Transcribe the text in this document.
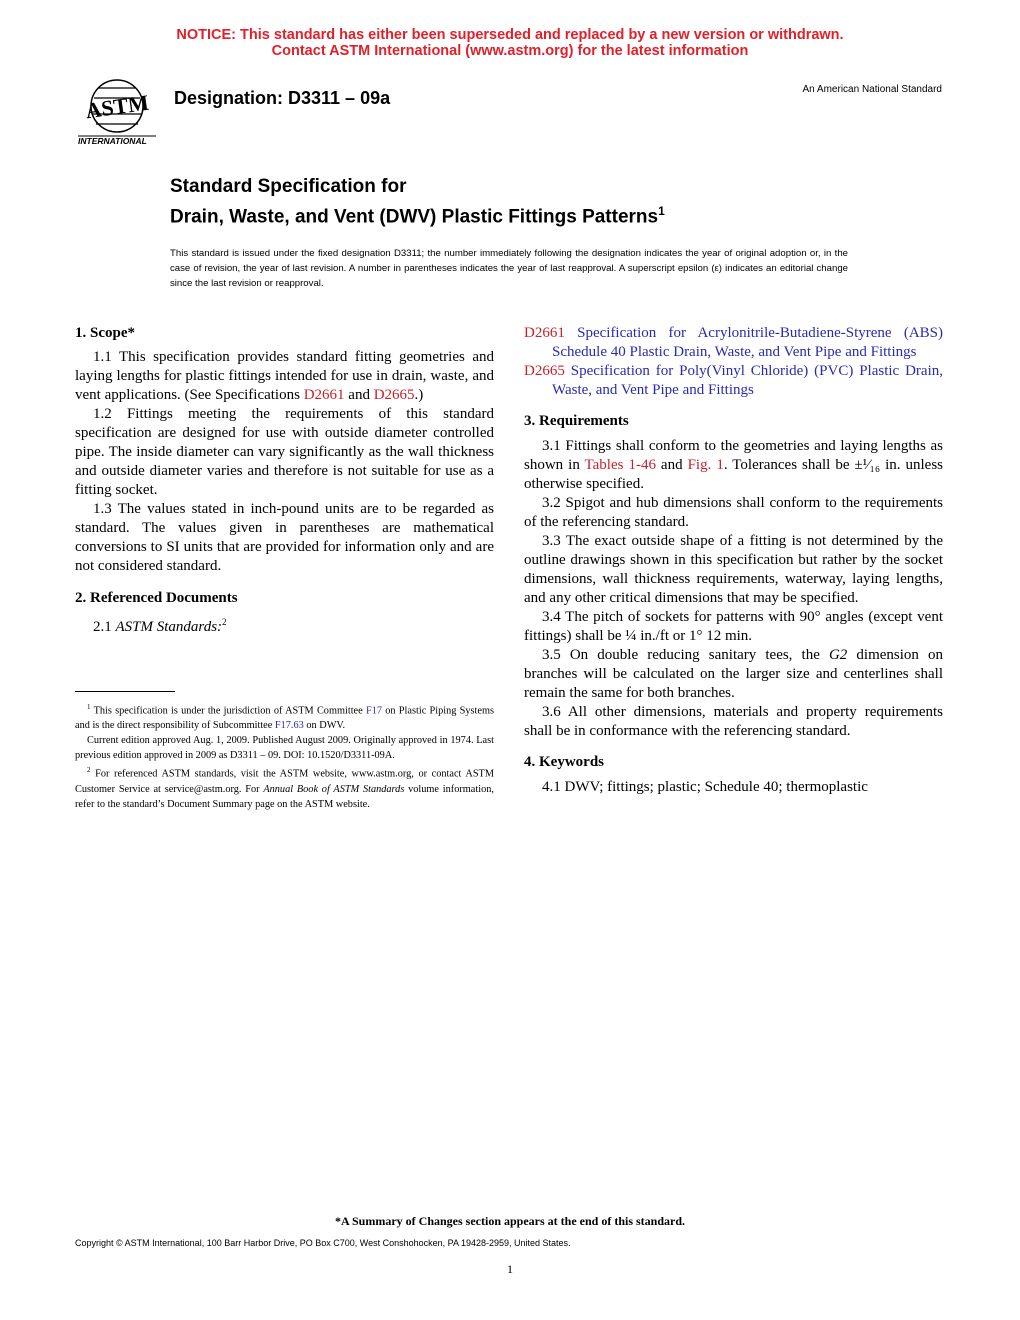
NOTICE: This standard has either been superseded and replaced by a new version or withdrawn.
Contact ASTM International (www.astm.org) for the latest information
ASTM
INTERNATIONAL
Designation: D3311 – 09a	An American National Standard
Standard Specification for
Drain, Waste, and Vent (DWV) Plastic Fittings Patterns$^1$
This standard is issued under the fixed designation D3311; the number immediately following the designation indicates the year of original adoption or, in the case of revision, the year of last revision. A number in parentheses indicates the year of last reapproval. A superscript epsilon (ε) indicates an editorial change since the last revision or reapproval.
1. Scope*

1.1 This specification provides standard fitting geometries and laying lengths for plastic fittings intended for use in drain, waste, and vent applications. (See Specifications D2661 and D2665.)

1.2 Fittings meeting the requirements of this standard specification are designed for use with outside diameter controlled pipe. The inside diameter can vary significantly as the wall thickness and outside diameter varies and therefore is not suitable for use as a fitting socket.

1.3 The values stated in inch-pound units are to be regarded as standard. The values given in parentheses are mathematical conversions to SI units that are provided for information only and are not considered standard.

2. Referenced Documents

2.1 ASTM Standards:$^2$

$^1$ This specification is under the jurisdiction of ASTM Committee F17 on Plastic Piping Systems and is the direct responsibility of Subcommittee F17.63 on DWV.

Current edition approved Aug. 1, 2009. Published August 2009. Originally approved in 1974. Last previous edition approved in 2009 as D3311 – 09. DOI: 10.1520/D3311-09A.

$^2$ For referenced ASTM standards, visit the ASTM website, www.astm.org, or contact ASTM Customer Service at service@astm.org. For Annual Book of ASTM Standards volume information, refer to the standard’s Document Summary page on the ASTM website.

D2661 Specification for Acrylonitrile-Butadiene-Styrene (ABS) Schedule 40 Plastic Drain, Waste, and Vent Pipe and Fittings

D2665 Specification for Poly(Vinyl Chloride) (PVC) Plastic Drain, Waste, and Vent Pipe and Fittings

3. Requirements

3.1 Fittings shall conform to the geometries and laying lengths as shown in Tables 1-46 and Fig. 1. Tolerances shall be ±¹⁄₁₆ in. unless otherwise specified.

3.2 Spigot and hub dimensions shall conform to the requirements of the referencing standard.

3.3 The exact outside shape of a fitting is not determined by the outline drawings shown in this specification but rather by the socket dimensions, wall thickness requirements, waterway, laying lengths, and any other critical dimensions that may be specified.

3.4 The pitch of sockets for patterns with 90° angles (except vent fittings) shall be ¼ in./ft or 1° 12 min.

3.5 On double reducing sanitary tees, the G2 dimension on branches will be calculated on the larger size and centerlines shall remain the same for both branches.

3.6 All other dimensions, materials and property requirements shall be in conformance with the referencing standard.

4. Keywords

4.1 DWV; fittings; plastic; Schedule 40; thermoplastic

*A Summary of Changes section appears at the end of this standard.
Copyright © ASTM International, 100 Barr Harbor Drive, PO Box C700, West Conshohocken, PA 19428-2959, United States.
1
